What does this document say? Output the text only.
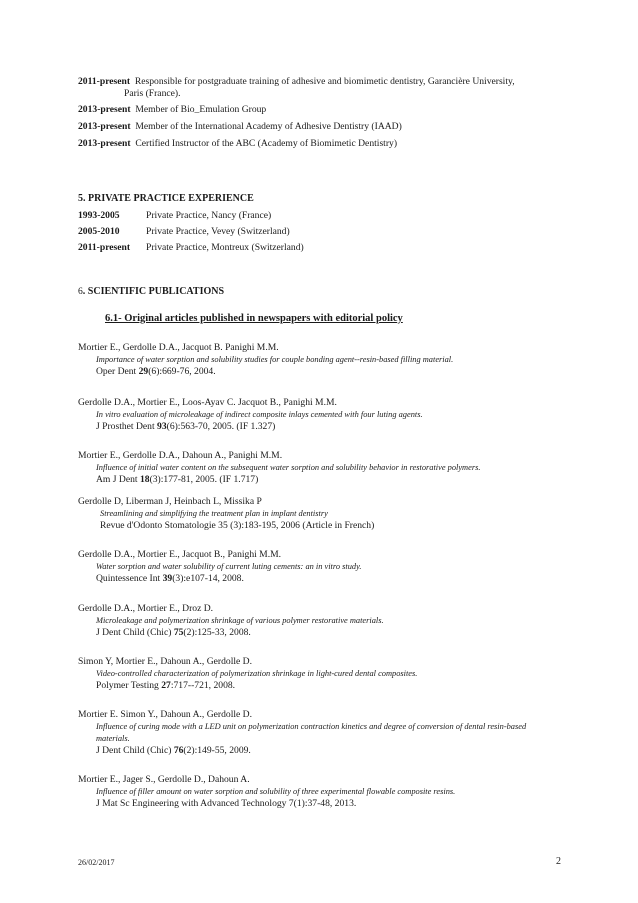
2011-present Responsible for postgraduate training of adhesive and biomimetic dentistry, Garancière University,
Paris (France).
2013-present Member of Bio_Emulation Group
2013-present Member of the International Academy of Adhesive Dentistry (IAAD)
2013-present Certified Instructor of the ABC (Academy of Biomimetic Dentistry)
5. PRIVATE PRACTICE EXPERIENCE
1993-2005	Private Practice, Nancy (France)
2005-2010	Private Practice, Vevey (Switzerland)
2011-present Private Practice, Montreux (Switzerland)
6. SCIENTIFIC PUBLICATIONS
6.1- Original articles published in newspapers with editorial policy
Mortier E., Gerdolle D.A., Jacquot B. Panighi M.M.
Importance of water sorption and solubility studies for couple bonding agent--resin-based filling material.
Oper Dent 29(6):669-76, 2004.
Gerdolle D.A., Mortier E., Loos-Ayav C. Jacquot B., Panighi M.M.
In vitro evaluation of microleakage of indirect composite inlays cemented with four luting agents.
J Prosthet Dent 93(6):563-70, 2005. (IF 1.327)
Mortier E., Gerdolle D.A., Dahoun A., Panighi M.M.
Influence of initial water content on the subsequent water sorption and solubility behavior in restorative polymers.
Am J Dent 18(3):177-81, 2005. (IF 1.717)
Gerdolle D, Liberman J, Heinbach L, Missika P
Streamlining and simplifying the treatment plan in implant dentistry
Revue d'Odonto Stomatologie 35 (3):183-195, 2006 (Article in French)
Gerdolle D.A., Mortier E., Jacquot B., Panighi M.M.
Water sorption and water solubility of current luting cements: an in vitro study.
Quintessence Int 39(3):e107-14, 2008.
Gerdolle D.A., Mortier E., Droz D.
Microleakage and polymerization shrinkage of various polymer restorative materials.
J Dent Child (Chic) 75(2):125-33, 2008.
Simon Y, Mortier E., Dahoun A., Gerdolle D.
Video-controlled characterization of polymerization shrinkage in light-cured dental composites.
Polymer Testing 27:717--721, 2008.
Mortier E. Simon Y., Dahoun A., Gerdolle D.
Influence of curing mode with a LED unit on polymerization contraction kinetics and degree of conversion of dental resin-based
materials.
J Dent Child (Chic) 76(2):149-55, 2009.
Mortier E., Jager S., Gerdolle D., Dahoun A.
Influence of filler amount on water sorption and solubility of three experimental flowable composite resins.
J Mat Sc Engineering with Advanced Technology 7(1):37-48, 2013.
26/02/2017	2
